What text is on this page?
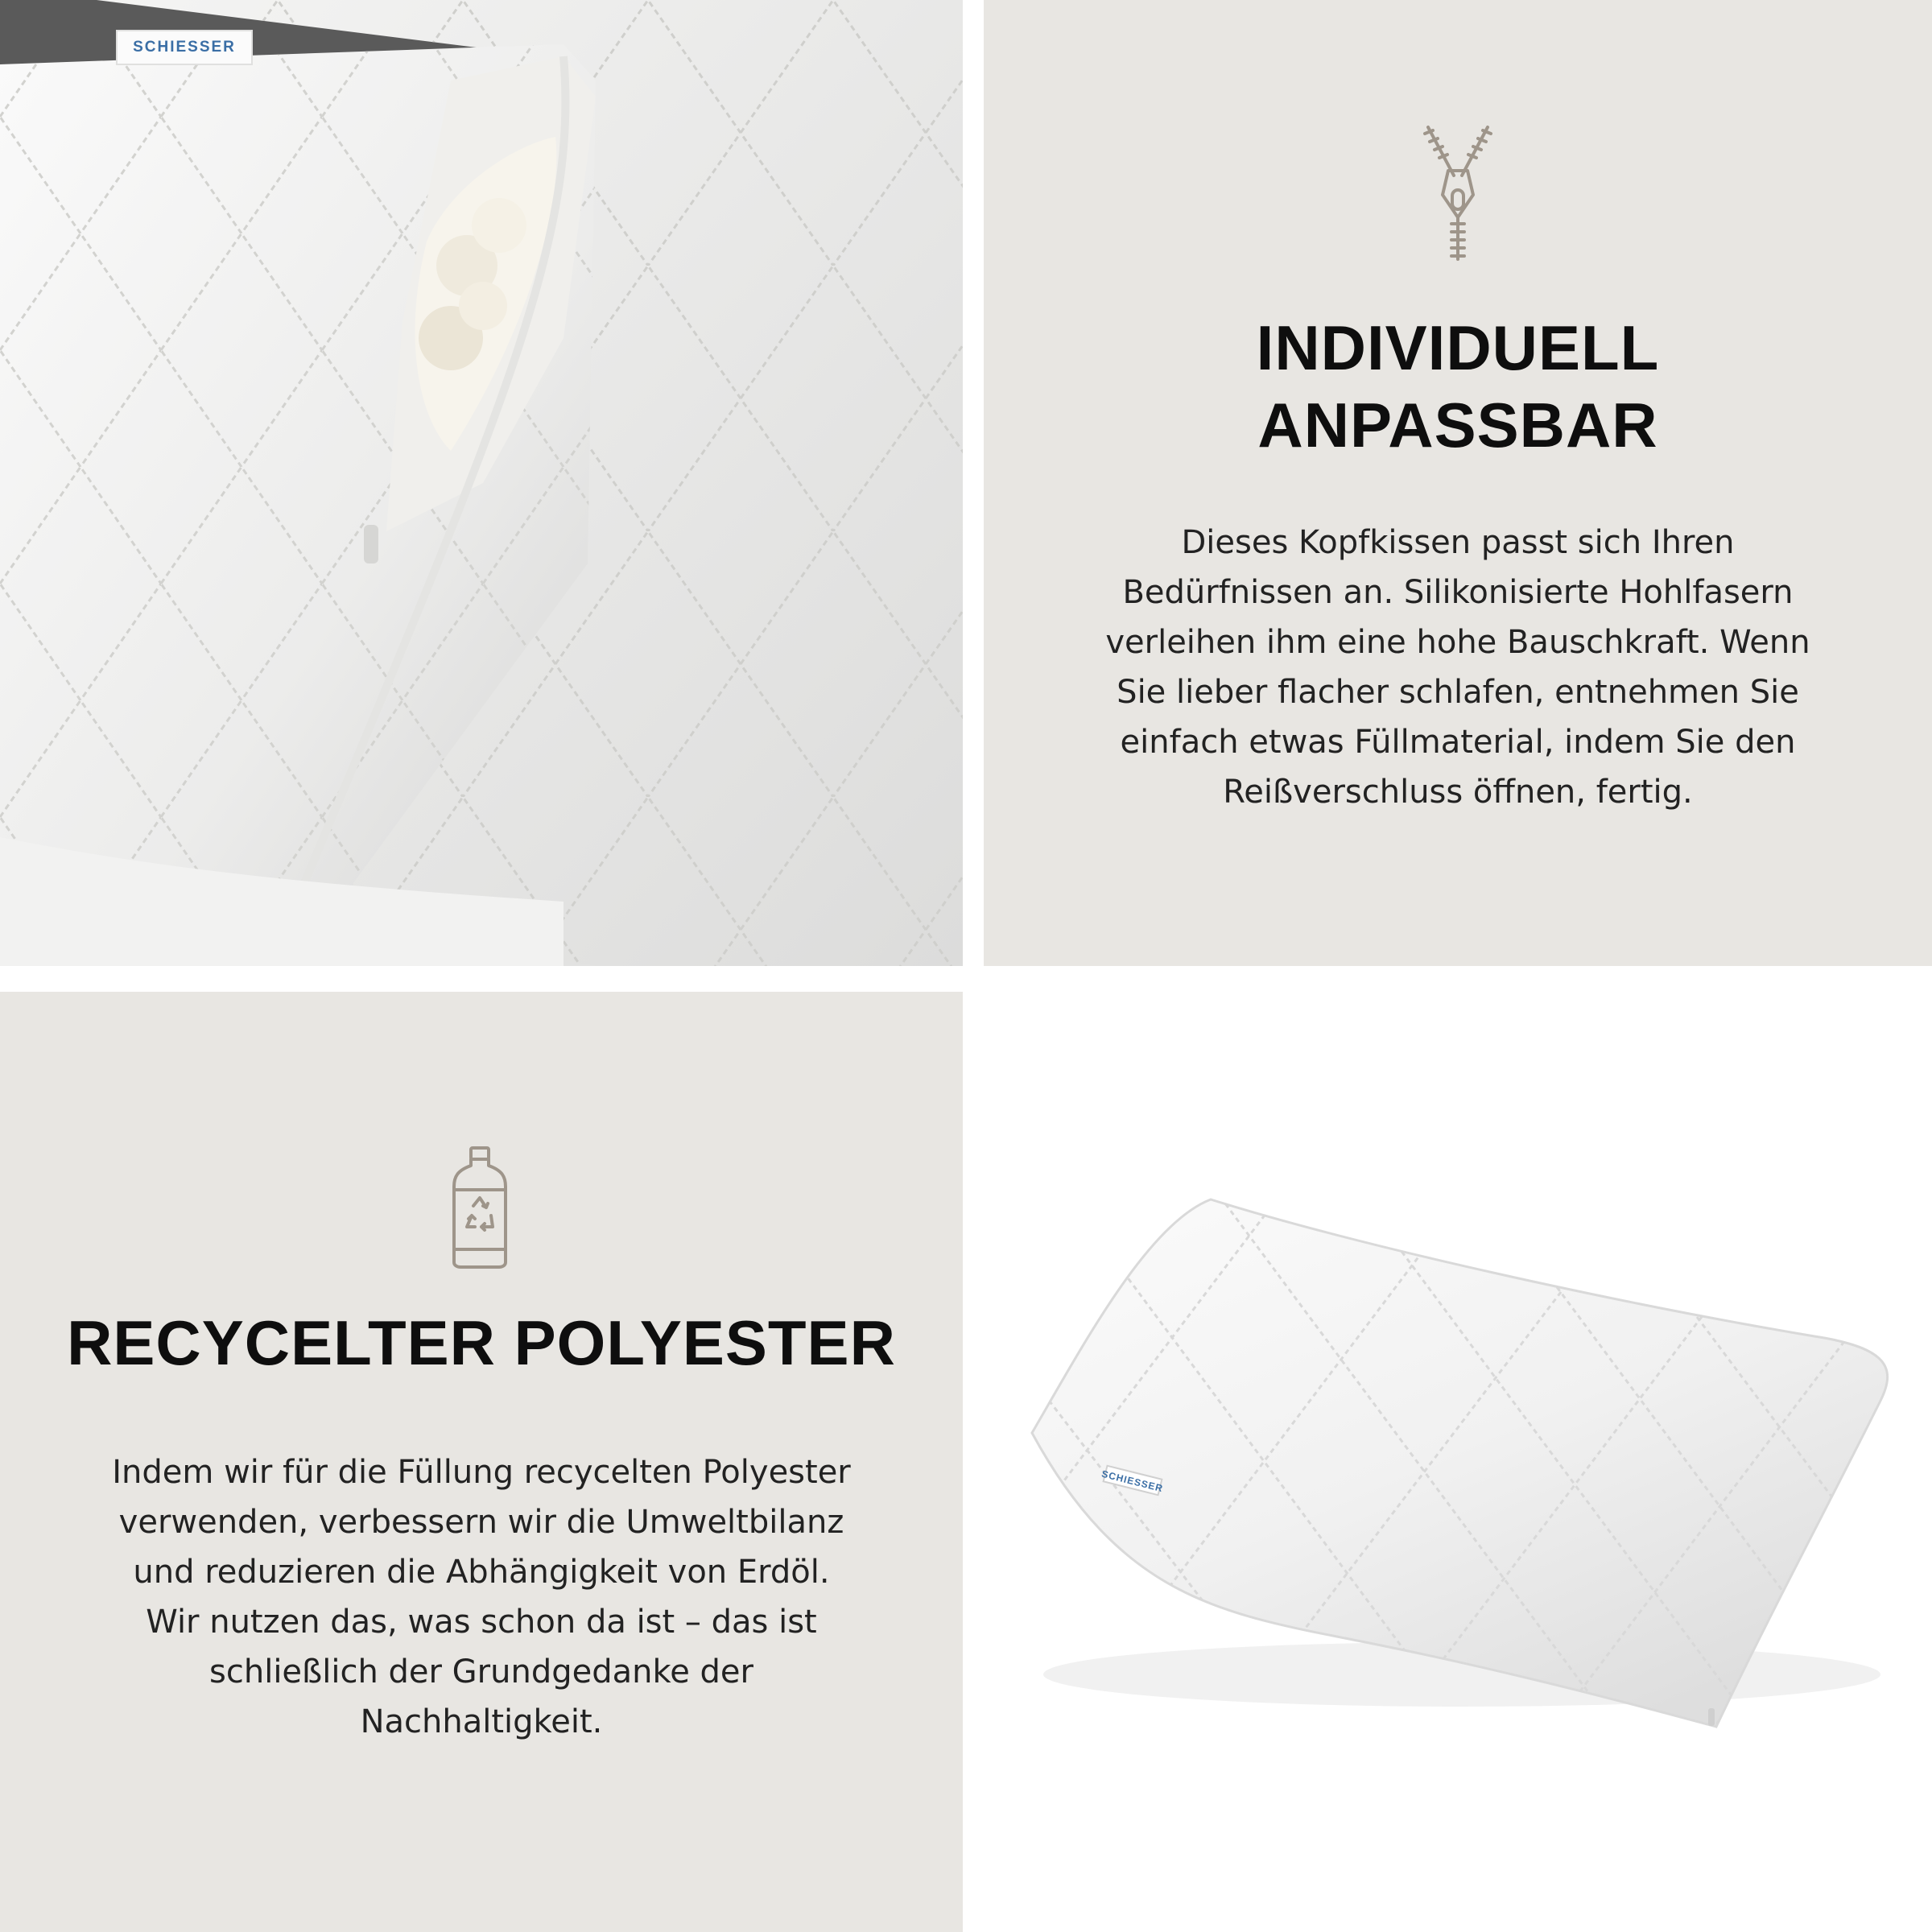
SCHIESSER
INDIVIDUELL
ANPASSBAR

Dieses Kopfkissen passt sich Ihren
Bedürfnissen an. Silikonisierte Hohlfasern
verleihen ihm eine hohe Bauschkraft. Wenn
Sie lieber flacher schlafen, entnehmen Sie
einfach etwas Füllmaterial, indem Sie den
Reißverschluss öffnen, fertig.

RECYCELTER POLYESTER

Indem wir für die Füllung recycelten Polyester
verwenden, verbessern wir die Umweltbilanz
und reduzieren die Abhängigkeit von Erdöl.
Wir nutzen das, was schon da ist – das ist
schließlich der Grundgedanke der
Nachhaltigkeit.

SCHIESSER
